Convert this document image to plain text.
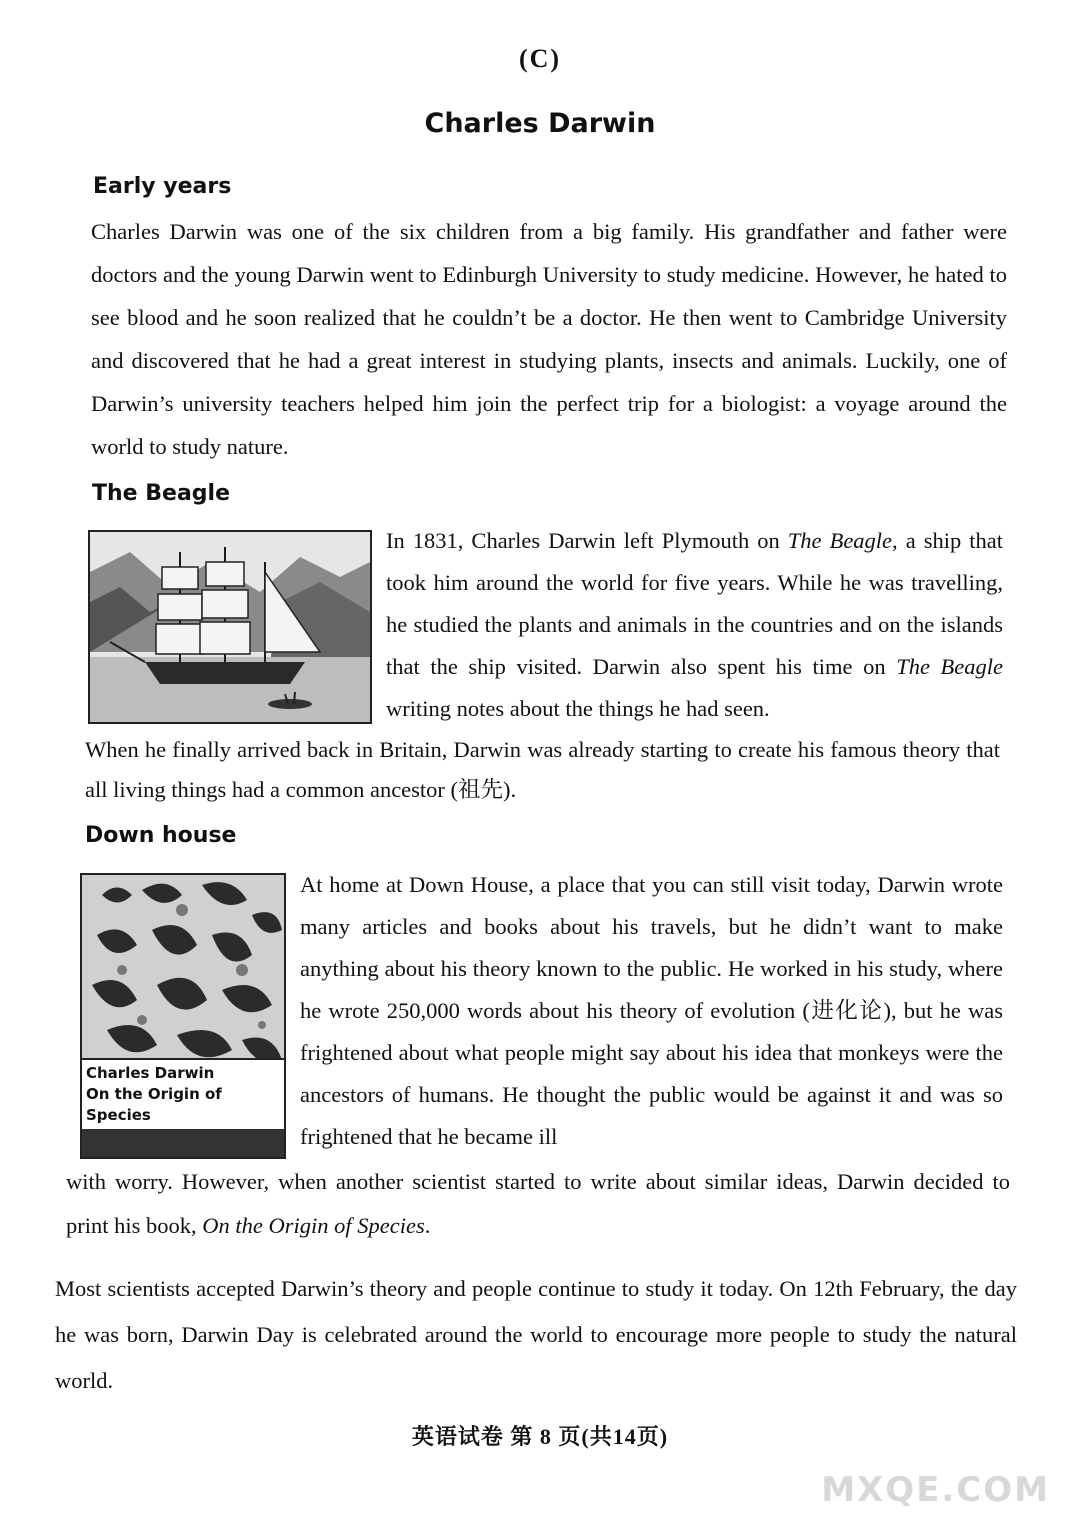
(C)
Charles Darwin
Early years

Charles Darwin was one of the six children from a big family. His grandfather and father were doctors and the young Darwin went to Edinburgh University to study medicine. However, he hated to see blood and he soon realized that he couldn’t be a doctor. He then went to Cambridge University and discovered that he had a great interest in studying plants, insects and animals. Luckily, one of Darwin’s university teachers helped him join the perfect trip for a biologist: a voyage around the world to study nature.

The Beagle

In 1831, Charles Darwin left Plymouth on The Beagle, a ship that took him around the world for five years. While he was travelling, he studied the plants and animals in the countries and on the islands that the ship visited. Darwin also spent his time on The Beagle writing notes about the things he had seen.

When he finally arrived back in Britain, Darwin was already starting to create his famous theory that all living things had a common ancestor (祖先).

Down house
Charles Darwin
On the Origin of Species

At home at Down House, a place that you can still visit today, Darwin wrote many articles and books about his travels, but he didn’t want to make anything about his theory known to the public. He worked in his study, where he wrote 250,000 words about his theory of evolution (进化论), but he was frightened about what people might say about his idea that monkeys were the ancestors of humans. He thought the public would be against it and was so frightened that he became ill

with worry. However, when another scientist started to write about similar ideas, Darwin decided to print his book, On the Origin of Species.

Most scientists accepted Darwin’s theory and people continue to study it today. On 12th February, the day he was born, Darwin Day is celebrated around the world to encourage more people to study the natural world.

英语试卷 第 8 页(共14页)
MXQE.COM
